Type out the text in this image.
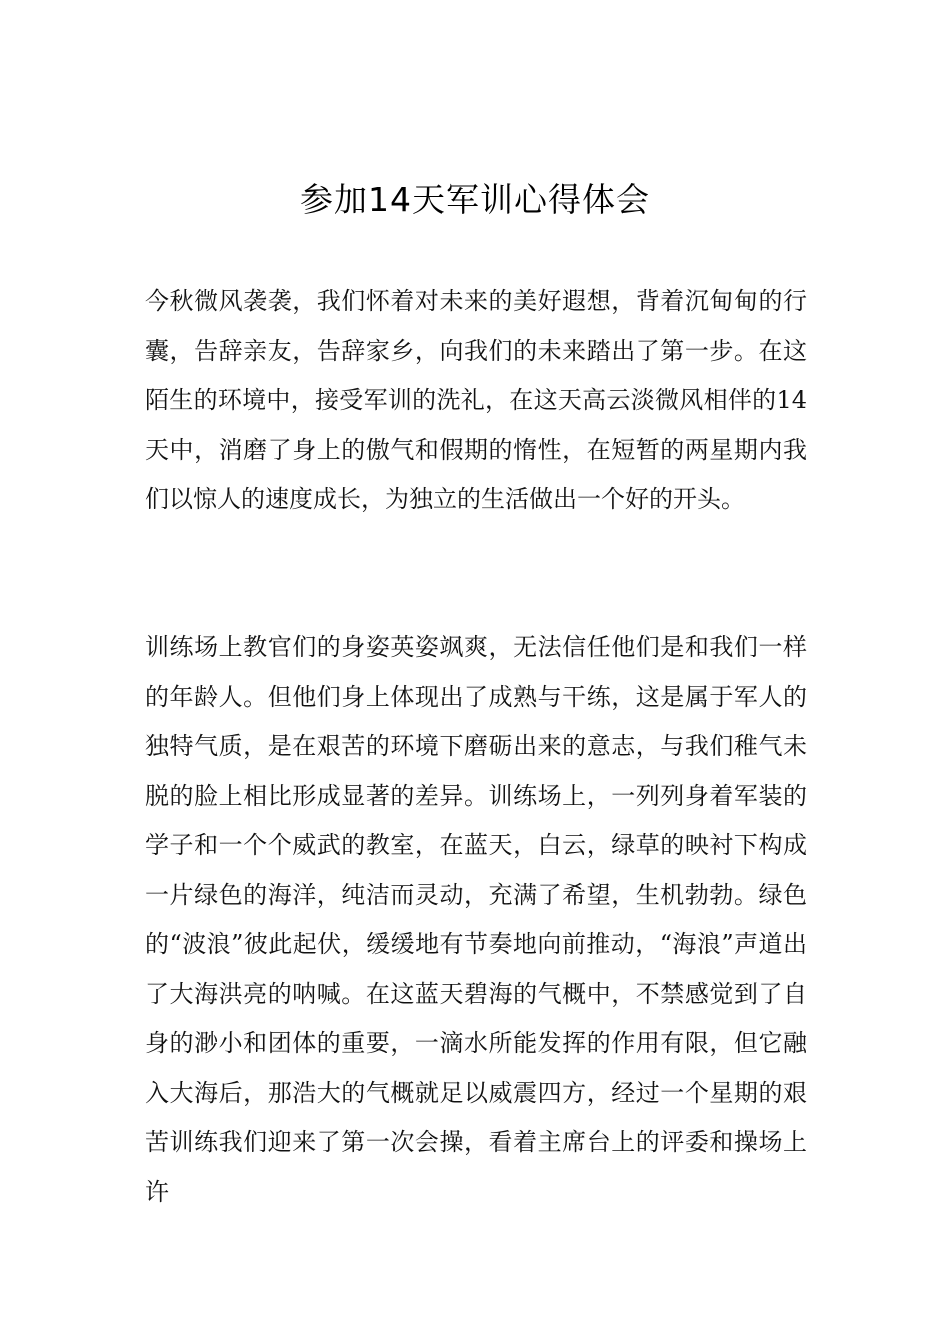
参加14天军训心得体会

今秋微风袭袭，我们怀着对未来的美好遐想，背着沉甸甸的行囊，告辞亲友，告辞家乡，向我们的未来踏出了第一步。在这陌生的环境中，接受军训的洗礼，在这天高云淡微风相伴的14天中，消磨了身上的傲气和假期的惰性，在短暂的两星期内我们以惊人的速度成长，为独立的生活做出一个好的开头。

训练场上教官们的身姿英姿飒爽，无法信任他们是和我们一样的年龄人。但他们身上体现出了成熟与干练，这是属于军人的独特气质，是在艰苦的环境下磨砺出来的意志，与我们稚气未脱的脸上相比形成显著的差异。训练场上，一列列身着军装的学子和一个个威武的教室，在蓝天，白云，绿草的映衬下构成一片绿色的海洋，纯洁而灵动，充满了希望，生机勃勃。绿色的“波浪”彼此起伏，缓缓地有节奏地向前推动，“海浪”声道出了大海洪亮的呐喊。在这蓝天碧海的气概中，不禁感觉到了自身的渺小和团体的重要，一滴水所能发挥的作用有限，但它融入大海后，那浩大的气概就足以威震四方，经过一个星期的艰苦训练我们迎来了第一次会操，看着主席台上的评委和操场上许
